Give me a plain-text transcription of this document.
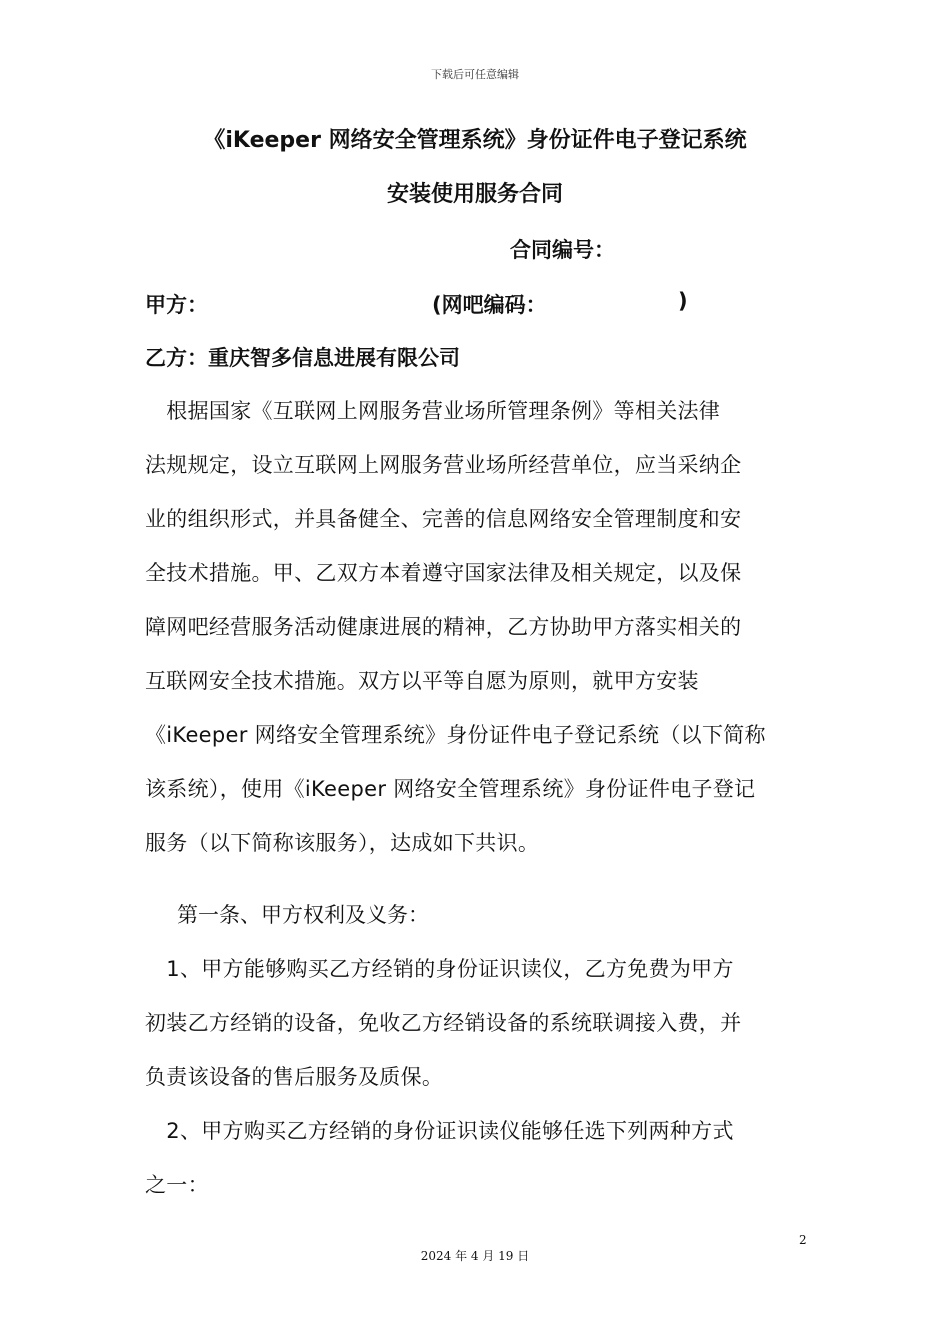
下载后可任意编辑
《iKeeper 网络安全管理系统》身份证件电子登记系统
安装使用服务合同
合同编号：
甲方：	(网吧编码：	)
乙方：重庆智多信息进展有限公司
　根据国家《互联网上网服务营业场所管理条例》等相关法律
法规规定，设立互联网上网服务营业场所经营单位，应当采纳企
业的组织形式，并具备健全、完善的信息网络安全管理制度和安
全技术措施。甲、乙双方本着遵守国家法律及相关规定，以及保
障网吧经营服务活动健康进展的精神，乙方协助甲方落实相关的
互联网安全技术措施。双方以平等自愿为原则，就甲方安装
《iKeeper 网络安全管理系统》身份证件电子登记系统（以下简称
该系统），使用《iKeeper 网络安全管理系统》身份证件电子登记
服务（以下简称该服务），达成如下共识。
第一条、甲方权利及义务：
　1、甲方能够购买乙方经销的身份证识读仪，乙方免费为甲方
初装乙方经销的设备，免收乙方经销设备的系统联调接入费，并
负责该设备的售后服务及质保。
　2、甲方购买乙方经销的身份证识读仪能够任选下列两种方式
之一：
2
2024 年 4 月 19 日
